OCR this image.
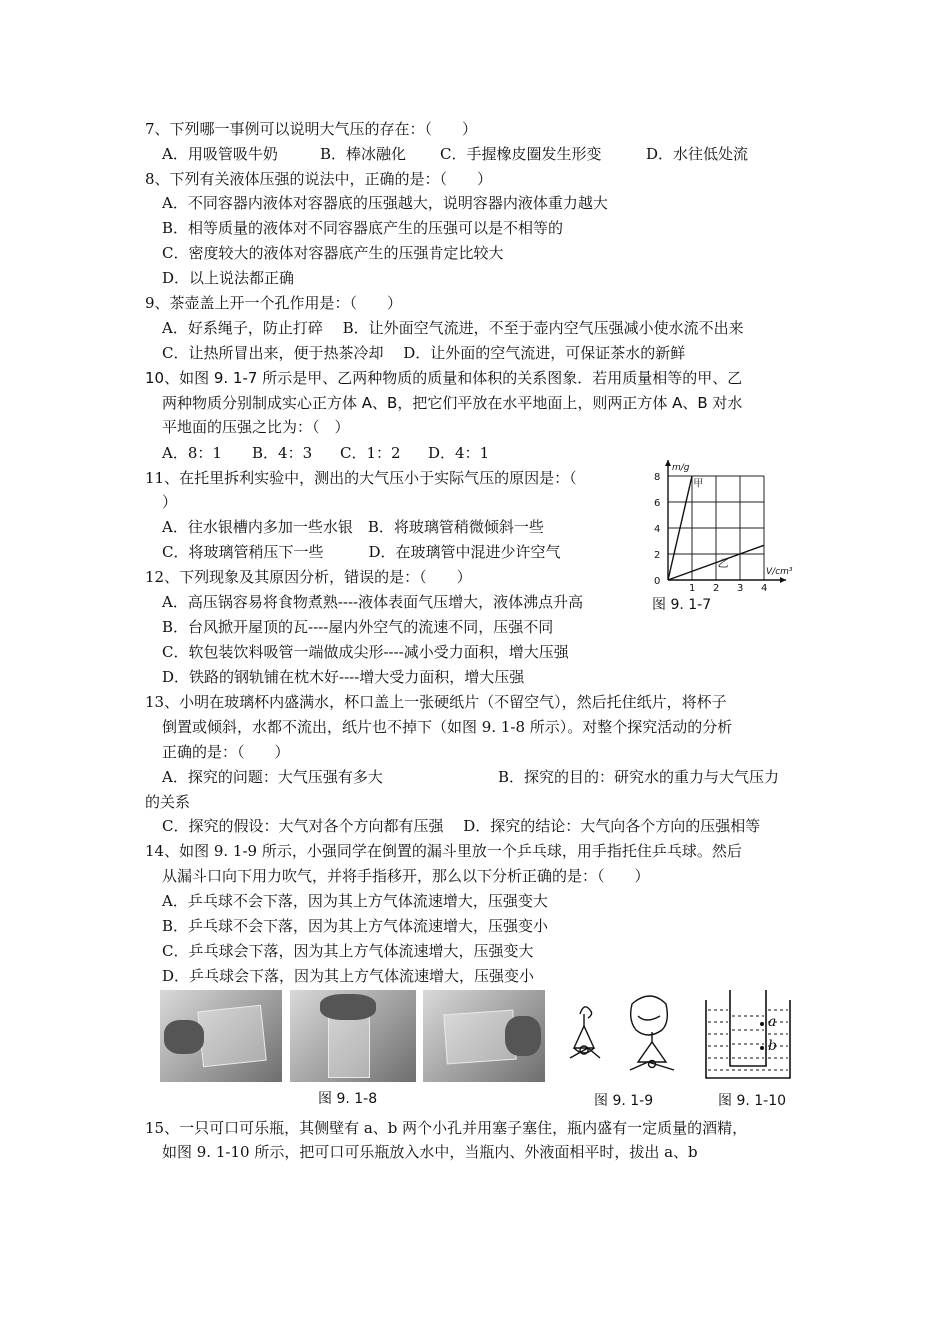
7、下列哪一事例可以说明大气压的存在：（　　）
A．用吸管吸牛奶	B．棒冰融化 C．手握橡皮圈发生形变	D．水往低处流
8、下列有关液体压强的说法中，正确的是：（　　）
A．不同容器内液体对容器底的压强越大，说明容器内液体重力越大
B．相等质量的液体对不同容器底产生的压强可以是不相等的
C．密度较大的液体对容器底产生的压强肯定比较大
D．以上说法都正确
9、茶壶盖上开一个孔作用是：（　　）
A．好系绳子，防止打碎　 B．让外面空气流进，不至于壶内空气压强减小使水流不出来
C．让热所冒出来，便于热茶冷却　 D．让外面的空气流进，可保证茶水的新鲜
10、如图 9. 1-7 所示是甲、乙两种物质的质量和体积的关系图象．若用质量相等的甲、乙
两种物质分别制成实心正方体 A、B，把它们平放在水平地面上，则两正方体 A、B 对水
平地面的压强之比为：（　）
A．8：1 B．4：3 C．1：2 D．4：1
11、在托里拆利实验中，测出的大气压小于实际气压的原因是：（
）
A．往水银槽内多加一些水银　B．将玻璃管稍微倾斜一些
C．将玻璃管稍压下一些　　　D．在玻璃管中混进少许空气
12、下列现象及其原因分析，错误的是：（　　）
A．高压锅容易将食物煮熟----液体表面气压增大，液体沸点升高
B．台风掀开屋顶的瓦----屋内外空气的流速不同，压强不同
C．软包装饮料吸管一端做成尖形----减小受力面积，增大压强
D．铁路的钢轨铺在枕木好----增大受力面积，增大压强
甲
乙
1 2 3 4
2
4
6
8
0
m/g
V/cm³
图 9. 1-7
13、小明在玻璃杯内盛满水，杯口盖上一张硬纸片（不留空气），然后托住纸片，将杯子
倒置或倾斜，水都不流出，纸片也不掉下（如图 9. 1-8 所示）。对整个探究活动的分析
正确的是：（　　）
A．探究的问题：大气压强有多大	B．探究的目的：研究水的重力与大气压力
的关系
C．探究的假设：大气对各个方向都有压强　 D．探究的结论：大气向各个方向的压强相等
14、如图 9. 1-9 所示，小强同学在倒置的漏斗里放一个乒乓球，用手指托住乒乓球。然后
从漏斗口向下用力吹气，并将手指移开，那么以下分析正确的是：（　　）
A．乒乓球不会下落，因为其上方气体流速增大，压强变大
B．乒乓球不会下落，因为其上方气体流速增大，压强变小
C．乒乓球会下落，因为其上方气体流速增大，压强变大
D．乒乓球会下落，因为其上方气体流速增大，压强变小
图 9. 1-8	图 9. 1-9
a
b
图 9. 1-10
15、一只可口可乐瓶，其侧壁有 a、b 两个小孔并用塞子塞住，瓶内盛有一定质量的酒精，
如图 9. 1-10 所示，把可口可乐瓶放入水中，当瓶内、外液面相平时，拔出 a、b
